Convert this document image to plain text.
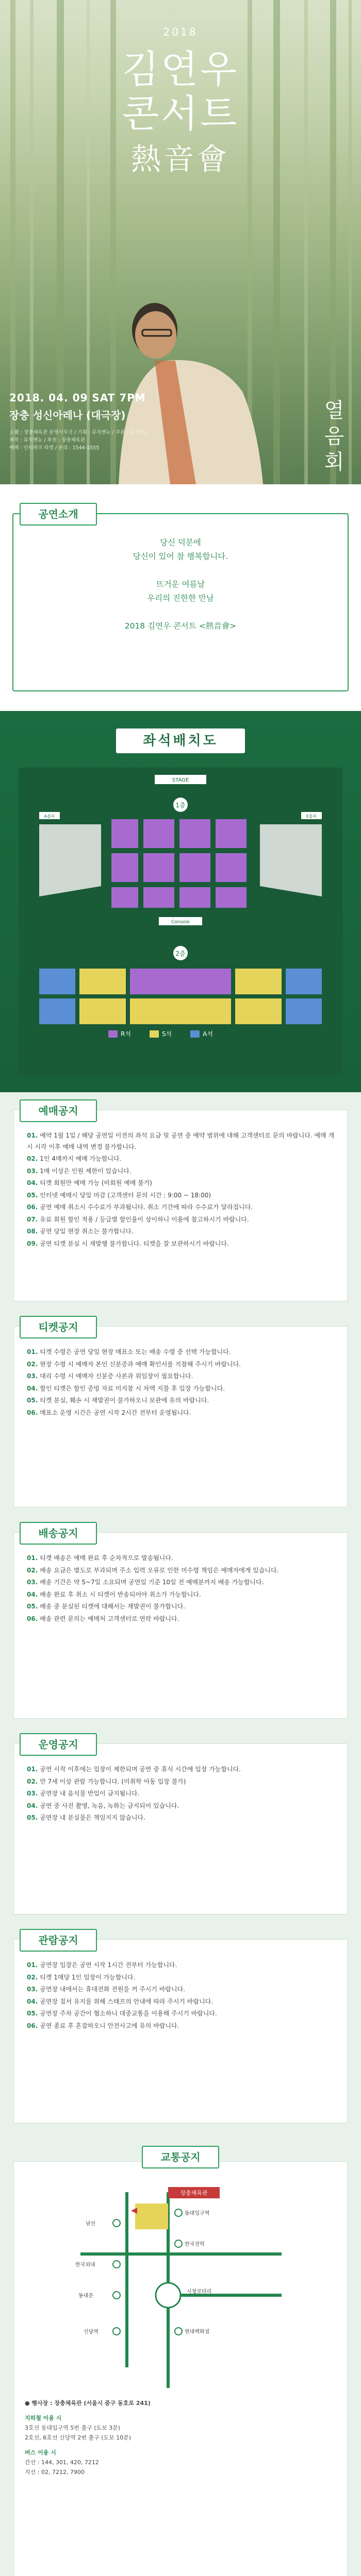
2018
김연우
콘서트
熱音會
2018. 04. 09 SAT 7PM
장충 성신아레나 (대극장)
主催 : 장충체육관 운영사무국 / 기획 : 뮤직앤뉴 / 주관 : 뮤직앤뉴
제작 : 뮤직앤뉴 / 후원 : 장충체육관
예매 : 인터파크 티켓 / 문의 : 1544-1555
열음회
공연소개
당신 덕분에
당신이 있어 참 행복합니다.
뜨거운 여름날
우리의 진한한 만남
2018 김연우 콘서트 <熱音會>
좌석배치도
STAGE
1층
A블록	E블록
Console
2층
R석	S석	A석
예매공지
01. 예약 1월 1일 / 해당 공연일 이전의 좌석 요금 및 공연 중 예약 범위에 대해 고객센터로 문의 바랍니다. 예매 개시 시각 이후 예매 내역 변경 불가합니다.
02. 1인 4매까지 예매 가능합니다.
03. 1매 이상은 인원 제한이 있습니다.
04. 티켓 회원만 예매 가능 (비회원 예매 불가)
05. 인터넷 예매시 당일 마감 (고객센터 문의 시간 : 9:00 ~ 18:00)
06. 공연 예매 취소시 수수료가 부과됩니다. 취소 기간에 따라 수수료가 달라집니다.
07. 유료 회원 할인 적용 / 등급별 할인율이 상이하니 이용에 참고하시기 바랍니다.
08. 공연 당일 현장 취소는 불가합니다.
09. 공연 티켓 분실 시 재발행 불가합니다. 티켓을 잘 보관하시기 바랍니다.
티켓공지
01. 티켓 수령은 공연 당일 현장 매표소 또는 배송 수령 중 선택 가능합니다.
02. 현장 수령 시 예매자 본인 신분증과 예매 확인서를 지참해 주시기 바랍니다.
03. 대리 수령 시 예매자 신분증 사본과 위임장이 필요합니다.
04. 할인 티켓은 할인 증빙 자료 미지참 시 차액 지불 후 입장 가능합니다.
05. 티켓 분실, 훼손 시 재발권이 불가하오니 보관에 유의 바랍니다.
06. 매표소 운영 시간은 공연 시작 2시간 전부터 운영됩니다.
배송공지
01. 티켓 배송은 예매 완료 후 순차적으로 발송됩니다.
02. 배송 요금은 별도로 부과되며 주소 입력 오류로 인한 미수령 책임은 예매자에게 있습니다.
03. 배송 기간은 약 5~7일 소요되며 공연일 기준 10일 전 예매분까지 배송 가능합니다.
04. 배송 완료 후 취소 시 티켓이 반송되어야 취소가 가능합니다.
05. 배송 중 분실된 티켓에 대해서는 재발권이 불가합니다.
06. 배송 관련 문의는 예매처 고객센터로 연락 바랍니다.
운영공지
01. 공연 시작 이후에는 입장이 제한되며 공연 중 휴식 시간에 입장 가능합니다.
02. 만 7세 이상 관람 가능합니다. (미취학 아동 입장 불가)
03. 공연장 내 음식물 반입이 금지됩니다.
04. 공연 중 사진 촬영, 녹음, 녹화는 금지되어 있습니다.
05. 공연장 내 분실물은 책임지지 않습니다.
관람공지
01. 공연장 입장은 공연 시작 1시간 전부터 가능합니다.
02. 티켓 1매당 1인 입장이 가능합니다.
03. 공연장 내에서는 휴대전화 전원을 꺼 주시기 바랍니다.
04. 공연장 질서 유지를 위해 스태프의 안내에 따라 주시기 바랍니다.
05. 공연장 주차 공간이 협소하니 대중교통을 이용해 주시기 바랍니다.
06. 공연 종료 후 혼잡하오니 안전사고에 유의 바랍니다.
교통공지
장충체육관
동대입구역
남산
한국전력
시청로타리
한국외대
동대문
신당역	현대백화점
● 행사장 : 장충체육관 (서울시 중구 동호로 241)
지하철 이용 시
3호선 동대입구역 5번 출구 (도보 3분)
2호선, 6호선 신당역 2번 출구 (도보 10분)
버스 이용 시
간선 : 144, 301, 420, 7212
지선 : 02, 7212, 7900
